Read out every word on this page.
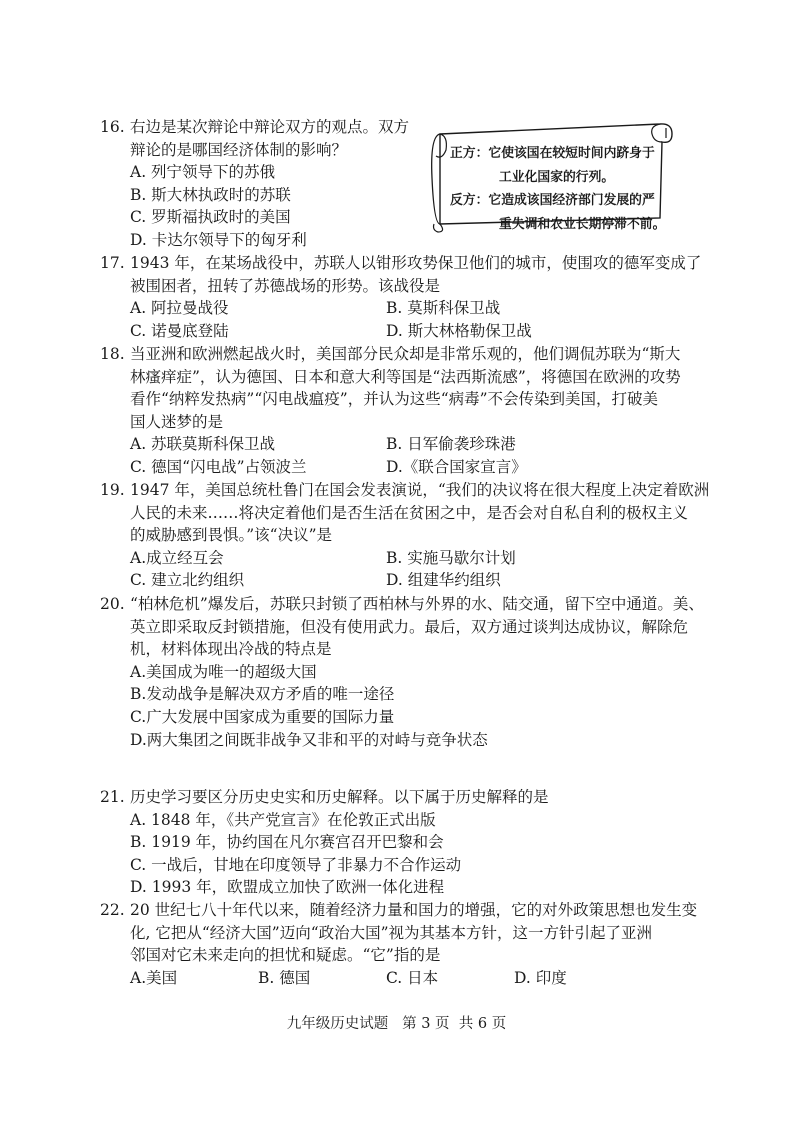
16. 右边是某次辩论中辩论双方的观点。双方
辩论的是哪国经济体制的影响？
A. 列宁领导下的苏俄
B. 斯大林执政时的苏联
C. 罗斯福执政时的美国
D. 卡达尔领导下的匈牙利
正方：它使该国在较短时间内跻身于
工业化国家的行列。
反方：它造成该国经济部门发展的严
重失调和农业长期停滞不前。
17. 1943 年，在某场战役中，苏联人以钳形攻势保卫他们的城市，使围攻的德军变成了
被围困者，扭转了苏德战场的形势。该战役是
A. 阿拉曼战役	B. 莫斯科保卫战
C. 诺曼底登陆	D. 斯大林格勒保卫战
18. 当亚洲和欧洲燃起战火时，美国部分民众却是非常乐观的，他们调侃苏联为“斯大
林瘙痒症”，认为德国、日本和意大利等国是“法西斯流感”，将德国在欧洲的攻势
看作“纳粹发热病”“闪电战瘟疫”，并认为这些“病毒”不会传染到美国，打破美
国人迷梦的是
A. 苏联莫斯科保卫战	B. 日军偷袭珍珠港
C. 德国“闪电战”占领波兰	D.《联合国家宣言》
19. 1947 年，美国总统杜鲁门在国会发表演说，“我们的决议将在很大程度上决定着欧洲
人民的未来……将决定着他们是否生活在贫困之中，是否会对自私自利的极权主义
的威胁感到畏惧。”该“决议”是
A.成立经互会	B. 实施马歇尔计划
C. 建立北约组织	D. 组建华约组织
20. “柏林危机”爆发后，苏联只封锁了西柏林与外界的水、陆交通，留下空中通道。美、
英立即采取反封锁措施，但没有使用武力。最后，双方通过谈判达成协议，解除危
机，材料体现出冷战的特点是
A.美国成为唯一的超级大国
B.发动战争是解决双方矛盾的唯一途径
C.广大发展中国家成为重要的国际力量
D.两大集团之间既非战争又非和平的对峙与竞争状态
21. 历史学习要区分历史史实和历史解释。以下属于历史解释的是
A. 1848 年，《共产党宣言》在伦敦正式出版
B. 1919 年，协约国在凡尔赛宫召开巴黎和会
C. 一战后，甘地在印度领导了非暴力不合作运动
D. 1993 年，欧盟成立加快了欧洲一体化进程
22. 20 世纪七八十年代以来，随着经济力量和国力的增强，它的对外政策思想也发生变
化, 它把从“经济大国”迈向“政治大国”视为其基本方针，这一方针引起了亚洲
邻国对它未来走向的担忧和疑虑。“它”指的是
A.美国	B. 德国	C. 日本	D. 印度
九年级历史试题   第 3 页  共 6 页
